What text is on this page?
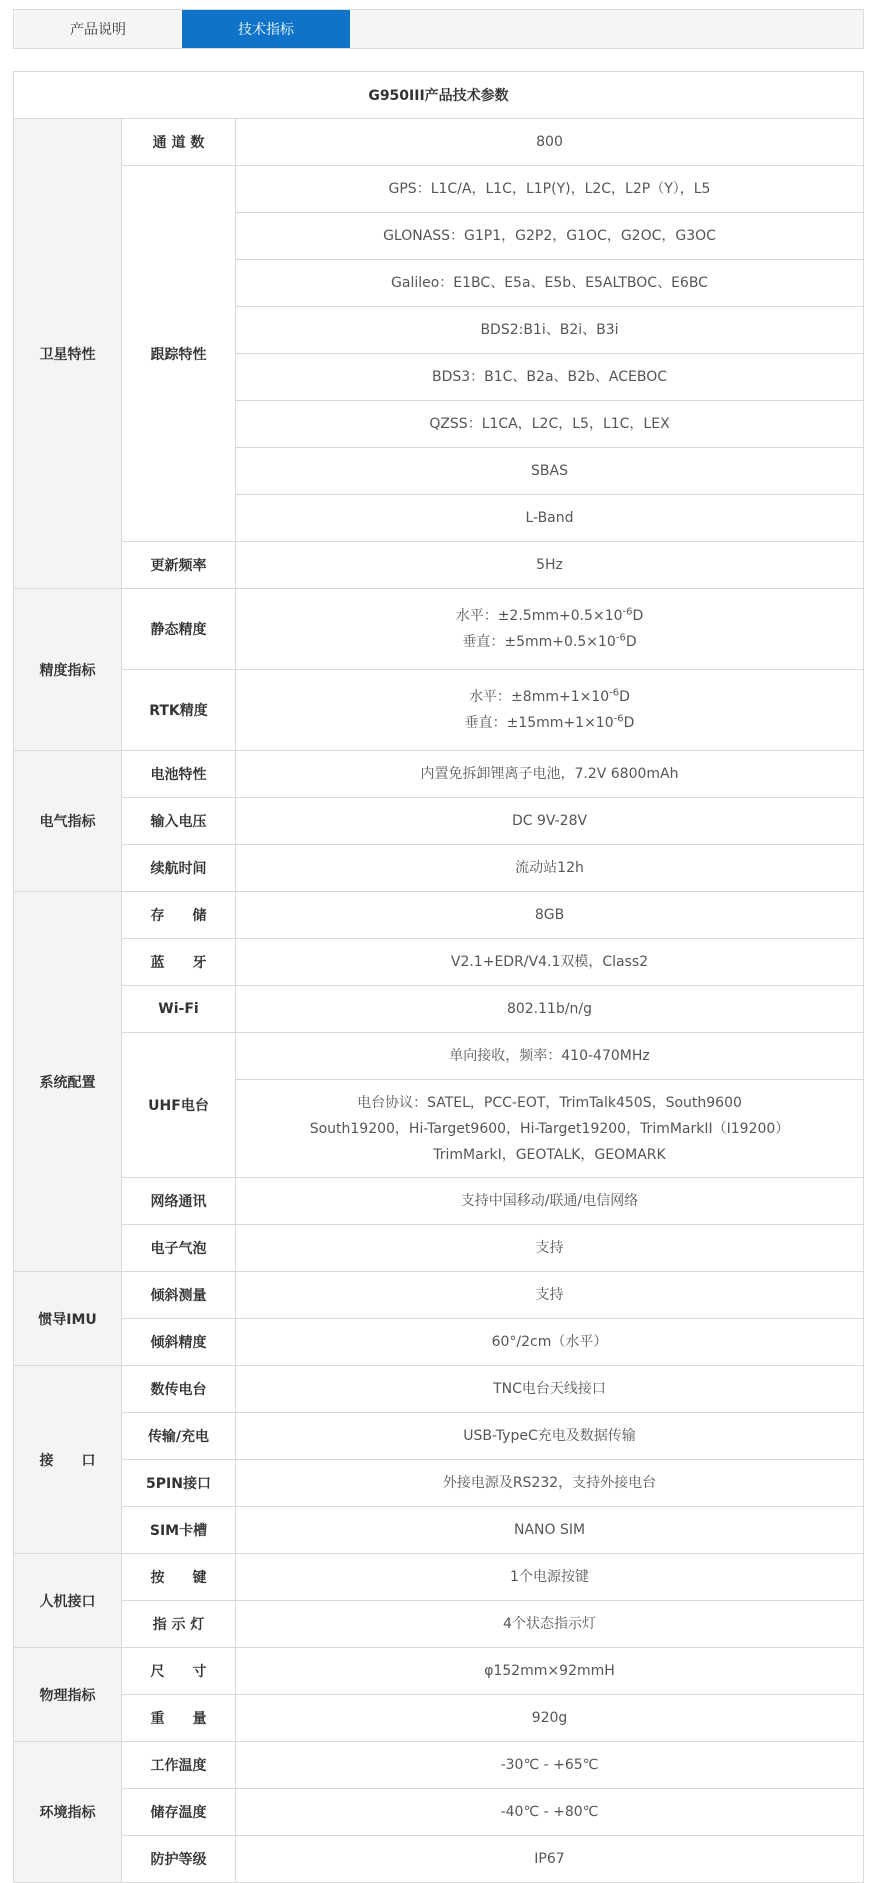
产品说明	技术指标
G950III产品技术参数		
卫星特性	通 道 数	800
	跟踪特性	GPS：L1C/A，L1C，L1P(Y)，L2C，L2P（Y），L5
		GLONASS：G1P1，G2P2，G1OC，G2OC，G3OC
		Galileo：E1BC、E5a、E5b、E5ALTBOC、E6BC
		BDS2:B1i、B2i、B3i
		BDS3：B1C、B2a、B2b、ACEBOC
		QZSS：L1CA，L2C，L5，L1C，LEX
		SBAS
		L-Band
	更新频率	5Hz
精度指标	静态精度	水平：$\pm 2.5mm+0.5\times 10^{-6}D$
垂直：$\pm 5mm+0.5\times 10^{-6}D$

	RTK精度	水平：$\pm 8mm+1\times 10^{-6}D$
垂直：$\pm 15mm+1\times 10^{-6}D$

电气指标	电池特性	内置免拆卸锂离子电池，7.2V 6800mAh
	输入电压	DC 9V-28V
	续航时间	流动站12h
系统配置	存　　储	8GB
	蓝　　牙	V2.1+EDR/V4.1双模，Class2
	Wi-Fi	802.11b/n/g
	UHF电台	单向接收，频率：410-470MHz

		电台协议：SATEL，PCC-EOT，TrimTalk450S，South9600
South19200，Hi-Target9600，Hi-Target19200，TrimMarkII（I19200）
TrimMarkI，GEOTALK，GEOMARK

	网络通讯	支持中国移动/联通/电信网络
	电子气泡	支持
惯导IMU	倾斜测量	支持
	倾斜精度	60°/2cm（水平）
接　　口	数传电台	TNC电台天线接口
	传输/充电	USB-TypeC充电及数据传输
	5PIN接口	外接电源及RS232，支持外接电台
	SIM卡槽	NANO SIM
人机接口	按　　键	1个电源按键
	指 示 灯	4个状态指示灯
物理指标	尺　　寸	φ152mm×92mmH
	重　　量	920g
环境指标	工作温度	-30℃ - +65℃
	储存温度	-40℃ - +80℃
	防护等级	IP67
